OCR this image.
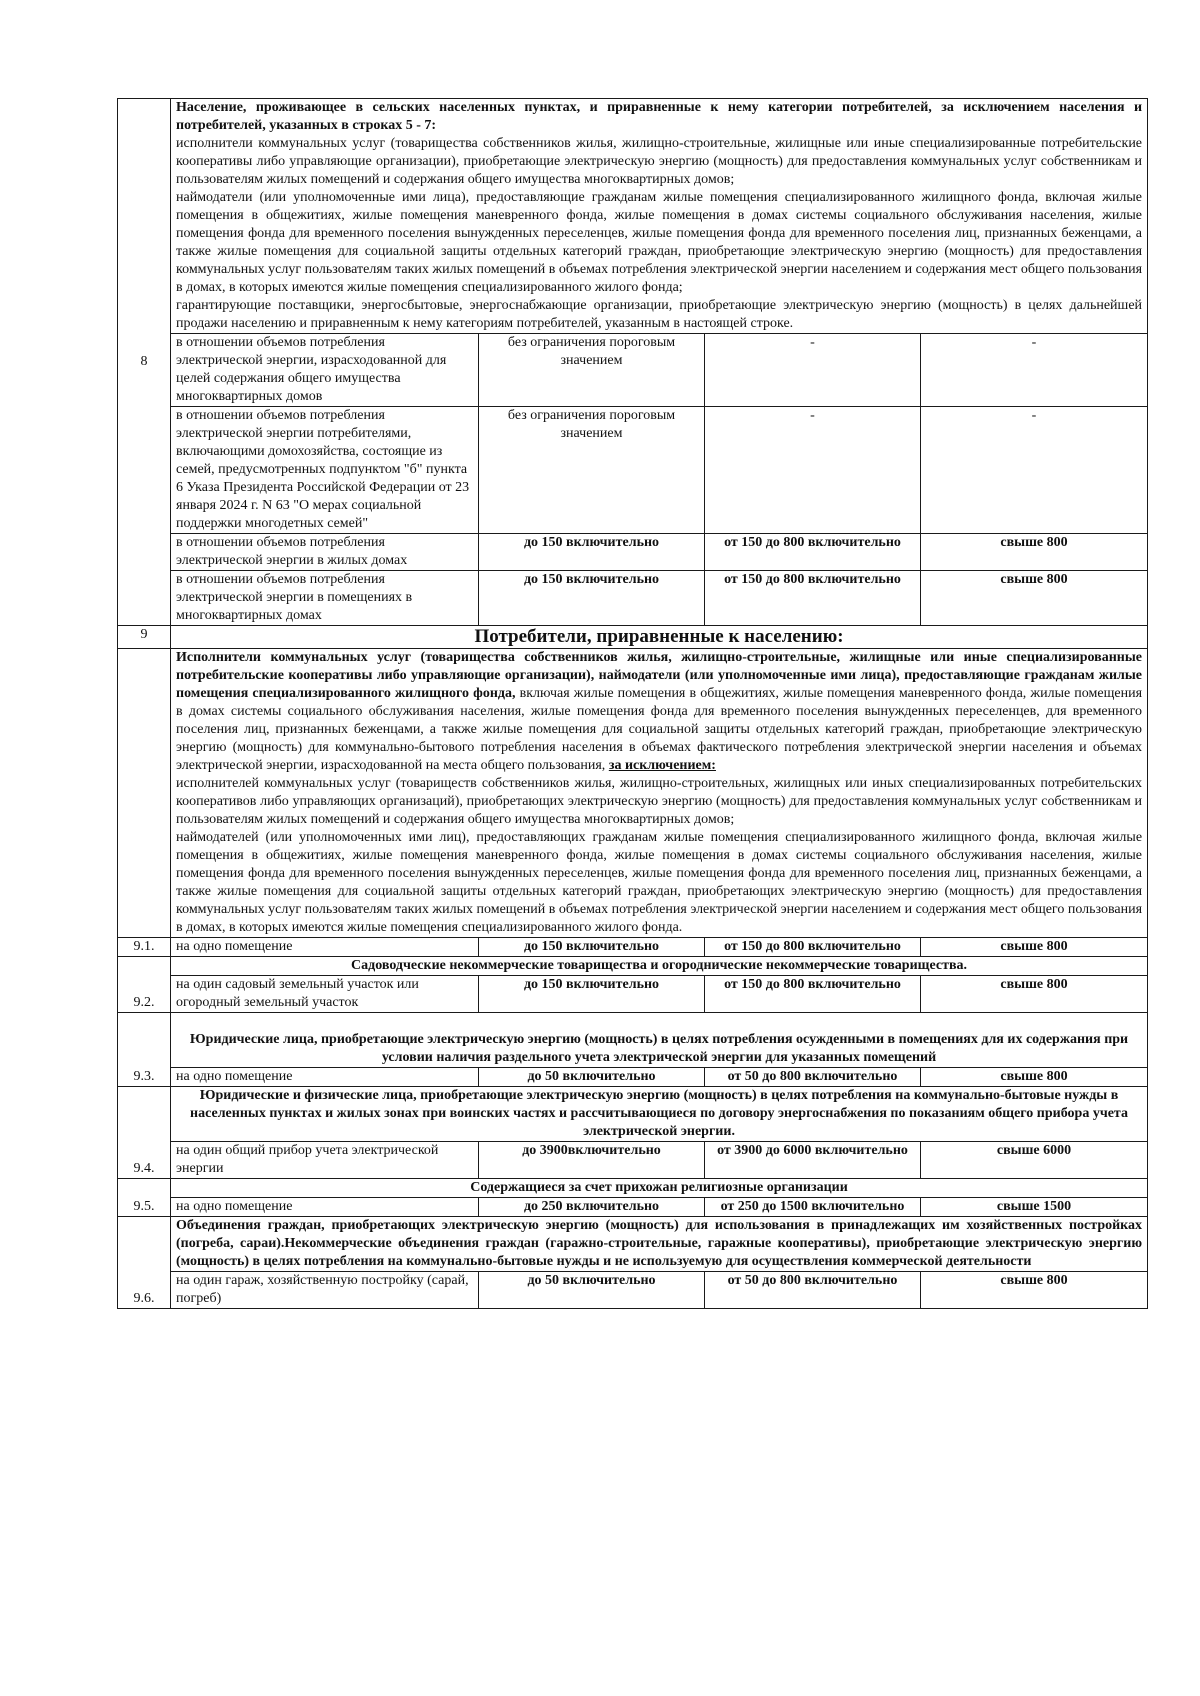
8	Население, проживающее в сельских населенных пунктах, и приравненные к нему категории потребителей, за исключением населения и потребителей, указанных в строках 5 - 7:

исполнители коммунальных услуг (товарищества собственников жилья, жилищно-строительные, жилищные или иные специализированные потребительские кооперативы либо управляющие организации), приобретающие электрическую энергию (мощность) для предоставления коммунальных услуг собственникам и пользователям жилых помещений и содержания общего имущества многоквартирных домов;

наймодатели (или уполномоченные ими лица), предоставляющие гражданам жилые помещения специализированного жилищного фонда, включая жилые помещения в общежитиях, жилые помещения маневренного фонда, жилые помещения в домах системы социального обслуживания населения, жилые помещения фонда для временного поселения вынужденных переселенцев, жилые помещения фонда для временного поселения лиц, признанных беженцами, а также жилые помещения для социальной защиты отдельных категорий граждан, приобретающие электрическую энергию (мощность) для предоставления коммунальных услуг пользователям таких жилых помещений в объемах потребления электрической энергии населением и содержания мест общего пользования в домах, в которых имеются жилые помещения специализированного жилого фонда;

гарантирующие поставщики, энергосбытовые, энергоснабжающие организации, приобретающие электрическую энергию (мощность) в целях дальнейшей продажи населению и приравненным к нему категориям потребителей, указанным в настоящей строке.			

	в отношении объемов потребления электрической энергии, израсходованной для целей содержания общего имущества многоквартирных домов	без ограничения пороговым значением	-	-
	в отношении объемов потребления электрической энергии потребителями, включающими домохозяйства, состоящие из семей, предусмотренных подпунктом "б" пункта 6 Указа Президента Российской Федерации от 23 января 2024 г. N 63 "О мерах социальной поддержки многодетных семей"	без ограничения пороговым значением	-	-
	в отношении объемов потребления электрической энергии в жилых домах	до 150 включительно	от 150 до 800 включительно	свыше 800
	в отношении объемов потребления электрической энергии в помещениях в многоквартирных домах	до 150 включительно	от 150 до 800 включительно	свыше 800
9	Потребители, приравненные к населению:			

	Исполнители коммунальных услуг (товарищества собственников жилья, жилищно-строительные, жилищные или иные специализированные потребительские кооперативы либо управляющие организации), наймодатели (или уполномоченные ими лица), предоставляющие гражданам жилые помещения специализированного жилищного фонда, включая жилые помещения в общежитиях, жилые помещения маневренного фонда, жилые помещения в домах системы социального обслуживания населения, жилые помещения фонда для временного поселения вынужденных переселенцев, для временного поселения лиц, признанных беженцами, а также жилые помещения для социальной защиты отдельных категорий граждан, приобретающие электрическую энергию (мощность) для коммунально-бытового потребления населения в объемах фактического потребления электрической энергии населения и объемах электрической энергии, израсходованной на места общего пользования, за исключением:

исполнителей коммунальных услуг (товариществ собственников жилья, жилищно-строительных, жилищных или иных специализированных потребительских кооперативов либо управляющих организаций), приобретающих электрическую энергию (мощность) для предоставления коммунальных услуг собственникам и пользователям жилых помещений и содержания общего имущества многоквартирных домов;

наймодателей (или уполномоченных ими лиц), предоставляющих гражданам жилые помещения специализированного жилищного фонда, включая жилые помещения в общежитиях, жилые помещения маневренного фонда, жилые помещения в домах системы социального обслуживания населения, жилые помещения фонда для временного поселения вынужденных переселенцев, жилые помещения фонда для временного поселения лиц, признанных беженцами, а также жилые помещения для социальной защиты отдельных категорий граждан, приобретающих электрическую энергию (мощность) для предоставления коммунальных услуг пользователям таких жилых помещений в объемах потребления электрической энергии населением и содержания мест общего пользования в домах, в которых имеются жилые помещения специализированного жилого фонда.			

9.1.	на одно помещение	до 150 включительно	от 150 до 800 включительно	свыше 800
9.2.	Садоводческие некоммерческие товарищества и огороднические некоммерческие товарищества.			
	на один садовый земельный участок или огородный земельный участок	до 150 включительно	от 150 до 800 включительно	свыше 800
9.3.	Юридические лица, приобретающие электрическую энергию (мощность) в целях потребления осужденными в помещениях для их содержания при условии наличия раздельного учета электрической энергии для указанных помещений			
	на одно помещение	до 50 включительно	от 50 до 800 включительно	свыше 800
9.4.	Юридические и физические лица, приобретающие электрическую энергию (мощность) в целях потребления на коммунально-бытовые нужды в населенных пунктах и жилых зонах при воинских частях и рассчитывающиеся по договору энергоснабжения по показаниям общего прибора учета электрической энергии.			
	на один общий прибор учета электрической энергии	до 3900включительно	от 3900 до 6000 включительно	свыше 6000
9.5.	Содержащиеся за счет прихожан религиозные организации			
	на одно помещение	до 250 включительно	от 250 до 1500 включительно	свыше 1500
9.6.	Объединения граждан, приобретающих электрическую энергию (мощность) для использования в принадлежащих им хозяйственных постройках (погреба, сараи).Некоммерческие объединения граждан (гаражно-строительные, гаражные кооперативы), приобретающие электрическую энергию (мощность) в целях потребления на коммунально-бытовые нужды и не используемую для осуществления коммерческой деятельности			
	на один гараж, хозяйственную постройку (сарай, погреб)	до 50 включительно	от 50 до 800 включительно	свыше 800
